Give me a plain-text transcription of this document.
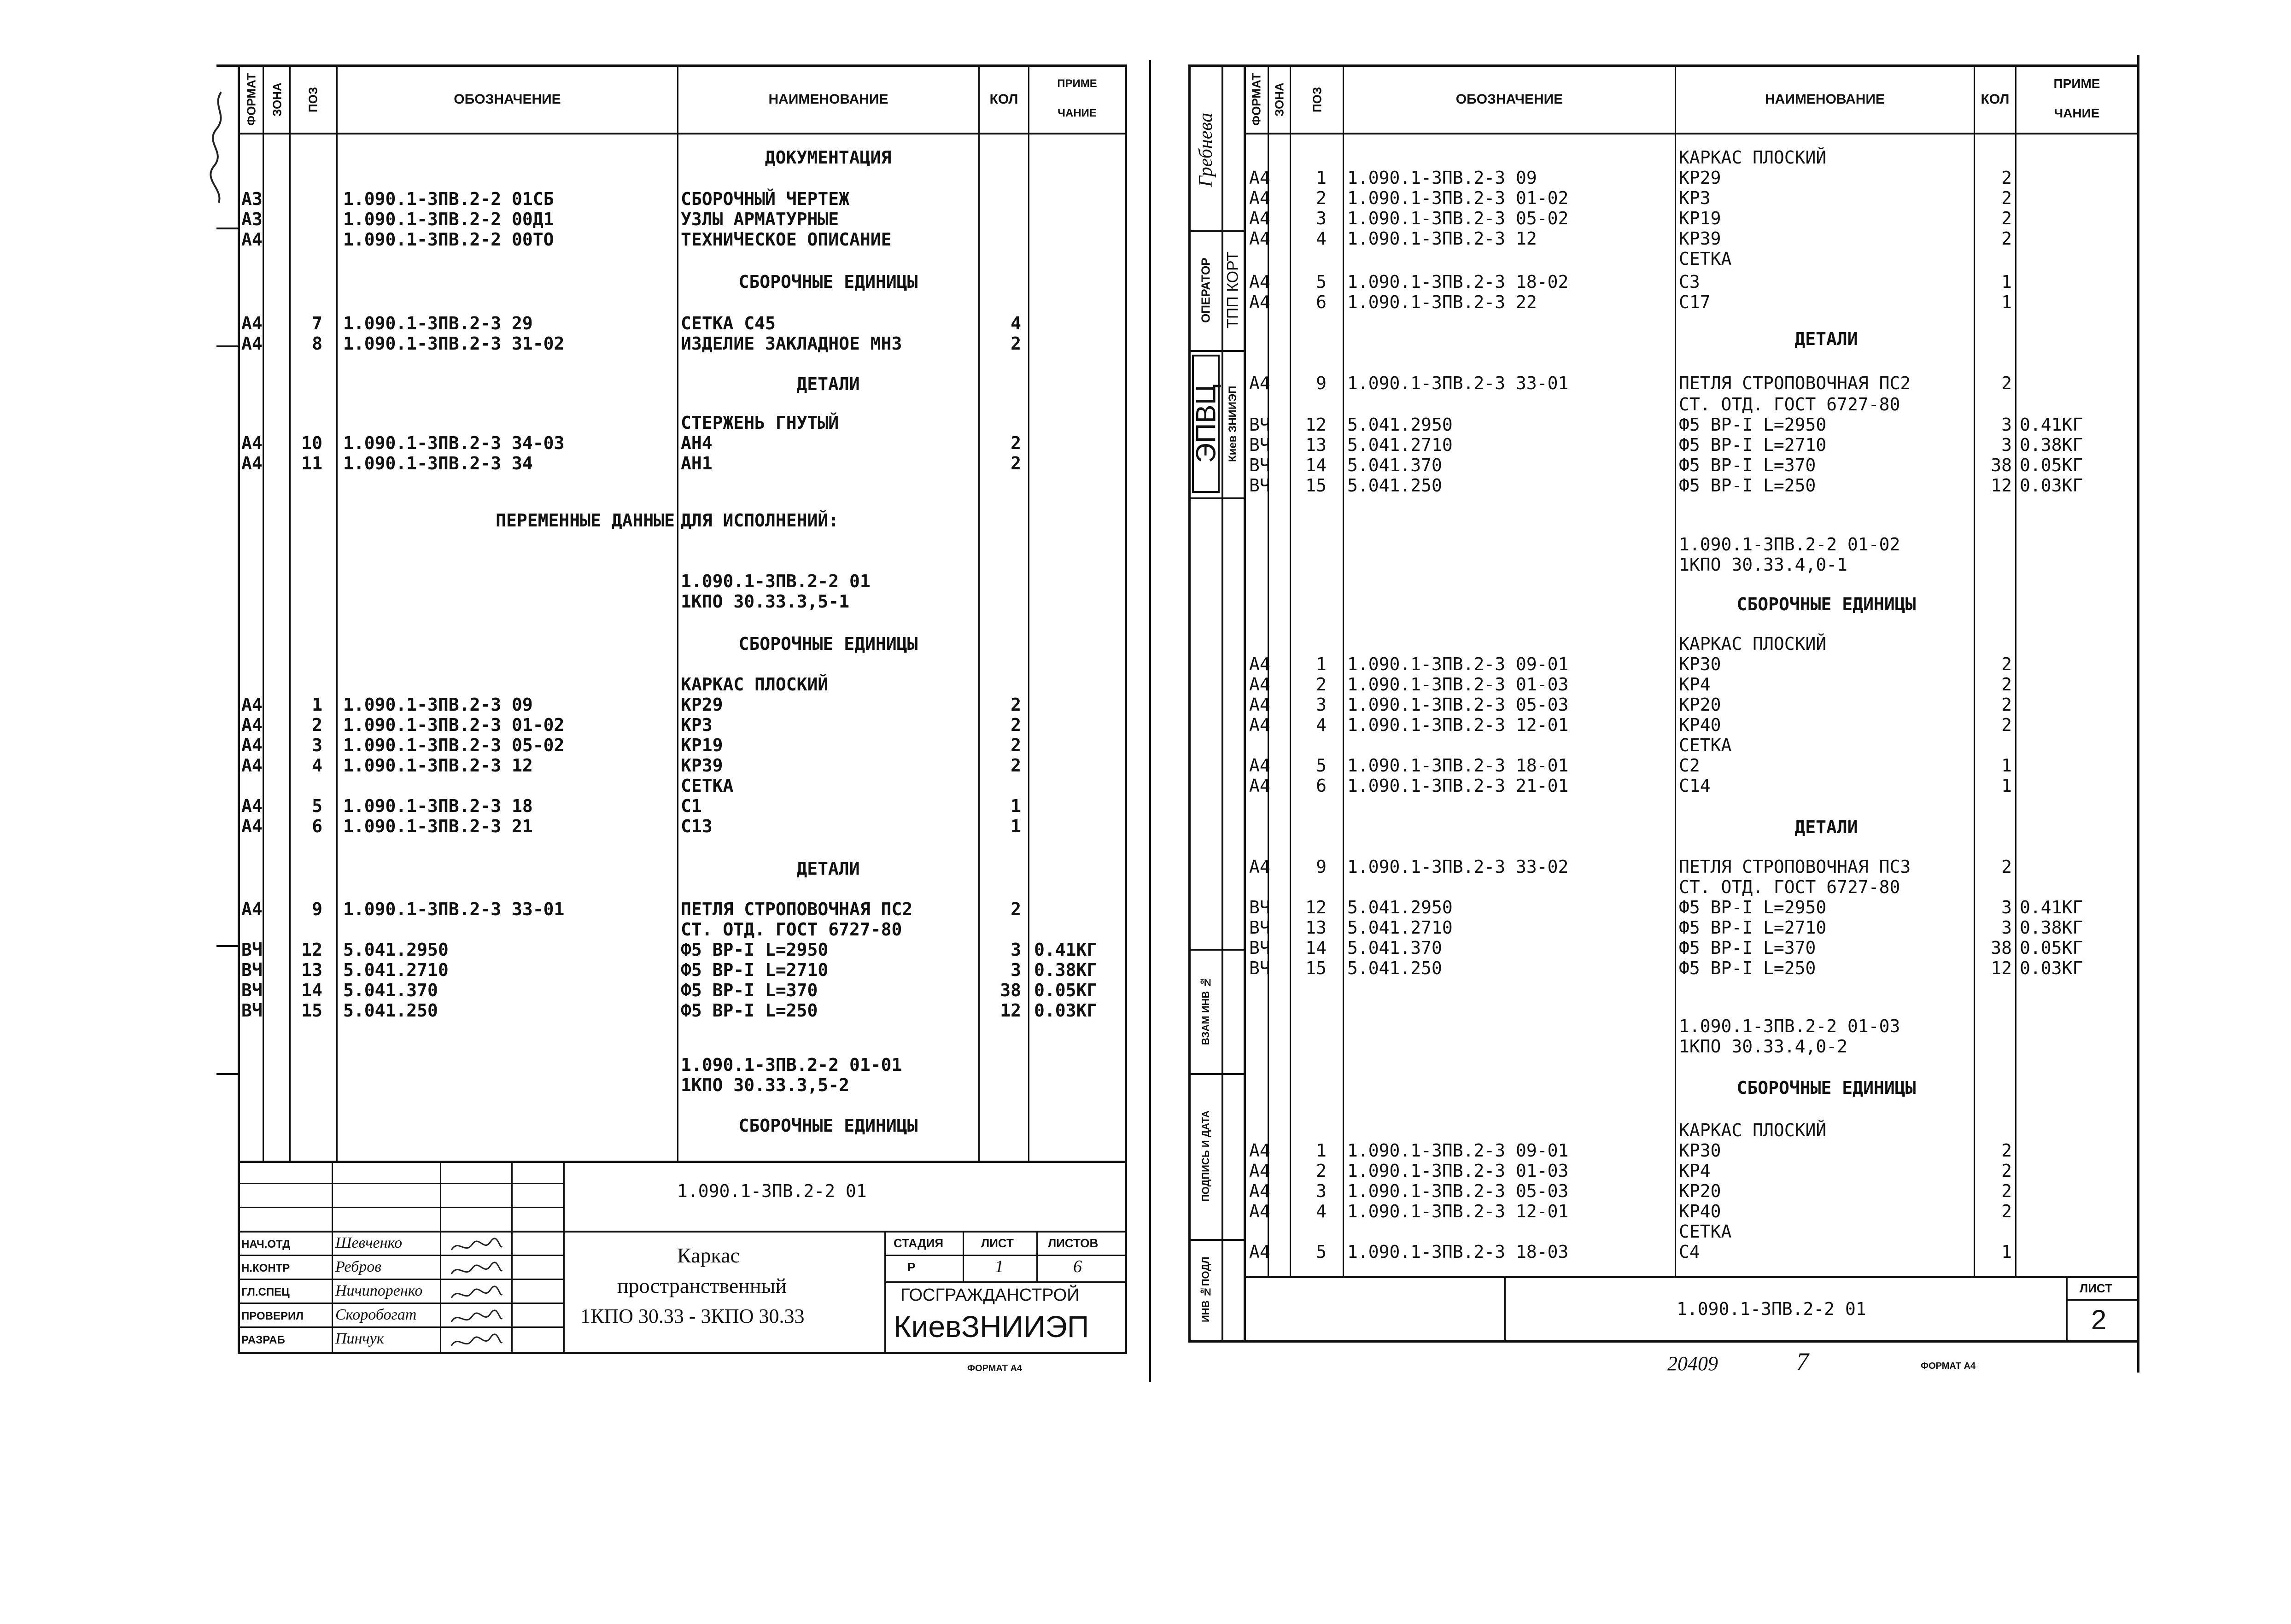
ФОРМАТ	ЗОНА	ПОЗ	ОБОЗНАЧЕНИЕ	НАИМЕНОВАНИЕ	КОЛ
ПРИМЕ
ЧАНИЕ
ДОКУМЕНТАЦИЯ
А3	1.090.1-3ПВ.2-2 01СБ	СБОРОЧНЫЙ ЧЕРТЕЖ
А3	1.090.1-3ПВ.2-2 00Д1	УЗЛЫ АРМАТУРНЫЕ
А4	1.090.1-3ПВ.2-2 00ТО	ТЕХНИЧЕСКОЕ ОПИСАНИЕ
СБОРОЧНЫЕ ЕДИНИЦЫ
А4	7 1.090.1-3ПВ.2-3 29	СЕТКА С45	4
А4	8 1.090.1-3ПВ.2-3 31-02	ИЗДЕЛИЕ ЗАКЛАДНОЕ МН3	2
ДЕТАЛИ
СТЕРЖЕНЬ ГНУТЫЙ
А4	10 1.090.1-3ПВ.2-3 34-03	АН4	2
А4	11 1.090.1-3ПВ.2-3 34	АН1	2
ПЕРЕМЕННЫЕ ДАННЫЕ ДЛЯ ИСПОЛНЕНИЙ:
1.090.1-3ПВ.2-2 01
1КПО 30.33.3,5-1
СБОРОЧНЫЕ ЕДИНИЦЫ
КАРКАС ПЛОСКИЙ
А4	1 1.090.1-3ПВ.2-3 09	КР29	2
А4	2 1.090.1-3ПВ.2-3 01-02	КР3	2
А4	3 1.090.1-3ПВ.2-3 05-02	КР19	2
А4	4 1.090.1-3ПВ.2-3 12	КР39	2
СЕТКА
А4	5 1.090.1-3ПВ.2-3 18	С1	1
А4	6 1.090.1-3ПВ.2-3 21	С13	1
ДЕТАЛИ
А4	9 1.090.1-3ПВ.2-3 33-01	ПЕТЛЯ СТРОПОВОЧНАЯ ПС2	2
СТ. ОТД. ГОСТ 6727-80
ВЧ	12 5.041.2950	Ф5 ВР-I L=2950	3 0.41КГ
ВЧ	13 5.041.2710	Ф5 ВР-I L=2710	3 0.38КГ
ВЧ	14 5.041.370	Ф5 ВР-I L=370	38 0.05КГ
ВЧ	15 5.041.250	Ф5 ВР-I L=250	12 0.03КГ
1.090.1-3ПВ.2-2 01-01
1КПО 30.33.3,5-2
СБОРОЧНЫЕ ЕДИНИЦЫ
1.090.1-3ПВ.2-2 01
СТАДИЯ	ЛИСТ	ЛИСТОВ
Р	1	6
Каркас
пространственный
1КПО 30.33 - 3КПО 30.33
ГОСГРАЖДАНСТРОЙ
КиевЗНИИЭП
НАЧ.ОТД	Шевченко
Н.КОНТР	Ребров
ГЛ.СПЕЦ	Ничипоренко
ПРОВЕРИЛ Скоробогат
РАЗРАБ	Пинчук
ФОРМАТ А4
Гребнева
ОПЕРАТОР ТПП КОРТ
ЭПВЦ Киев ЗНИИЭП
ВЗАМ ИНВ №
ПОДПИСЬ И ДАТА
ИНВ №ПОДЛ
ФОРМАТ ЗОНА	ПОЗ	ОБОЗНАЧЕНИЕ	НАИМЕНОВАНИЕ	КОЛ
ПРИМЕ
ЧАНИЕ
КАРКАС ПЛОСКИЙ
А4	1 1.090.1-3ПВ.2-3 09	КР29	2
А4	2 1.090.1-3ПВ.2-3 01-02	КР3	2
А4	3 1.090.1-3ПВ.2-3 05-02	КР19	2
А4	4 1.090.1-3ПВ.2-3 12	КР39	2
СЕТКА
А4	5 1.090.1-3ПВ.2-3 18-02	С3	1
А4	6 1.090.1-3ПВ.2-3 22	С17	1
ДЕТАЛИ
А4	9 1.090.1-3ПВ.2-3 33-01	ПЕТЛЯ СТРОПОВОЧНАЯ ПС2	2
СТ. ОТД. ГОСТ 6727-80
ВЧ	12 5.041.2950	Ф5 ВР-I L=2950	3 0.41КГ
ВЧ	13 5.041.2710	Ф5 ВР-I L=2710	3 0.38КГ
ВЧ	14 5.041.370	Ф5 ВР-I L=370	38 0.05КГ
ВЧ	15 5.041.250	Ф5 ВР-I L=250	12 0.03КГ
1.090.1-3ПВ.2-2 01-02
1КПО 30.33.4,0-1
СБОРОЧНЫЕ ЕДИНИЦЫ
КАРКАС ПЛОСКИЙ
А4	1 1.090.1-3ПВ.2-3 09-01	КР30	2
А4	2 1.090.1-3ПВ.2-3 01-03	КР4	2
А4	3 1.090.1-3ПВ.2-3 05-03	КР20	2
А4	4 1.090.1-3ПВ.2-3 12-01	КР40	2
СЕТКА
А4	5 1.090.1-3ПВ.2-3 18-01	С2	1
А4	6 1.090.1-3ПВ.2-3 21-01	С14	1
ДЕТАЛИ
А4	9 1.090.1-3ПВ.2-3 33-02	ПЕТЛЯ СТРОПОВОЧНАЯ ПС3	2
СТ. ОТД. ГОСТ 6727-80
ВЧ	12 5.041.2950	Ф5 ВР-I L=2950	3 0.41КГ
ВЧ	13 5.041.2710	Ф5 ВР-I L=2710	3 0.38КГ
ВЧ	14 5.041.370	Ф5 ВР-I L=370	38 0.05КГ
ВЧ	15 5.041.250	Ф5 ВР-I L=250	12 0.03КГ
1.090.1-3ПВ.2-2 01-03
1КПО 30.33.4,0-2
СБОРОЧНЫЕ ЕДИНИЦЫ
КАРКАС ПЛОСКИЙ
А4	1 1.090.1-3ПВ.2-3 09-01	КР30	2
А4	2 1.090.1-3ПВ.2-3 01-03	КР4	2
А4	3 1.090.1-3ПВ.2-3 05-03	КР20	2
А4	4 1.090.1-3ПВ.2-3 12-01	КР40	2
СЕТКА
А4	5 1.090.1-3ПВ.2-3 18-03	С4	1
1.090.1-3ПВ.2-2 01
ЛИСТ
2
20409	7	ФОРМАТ А4
